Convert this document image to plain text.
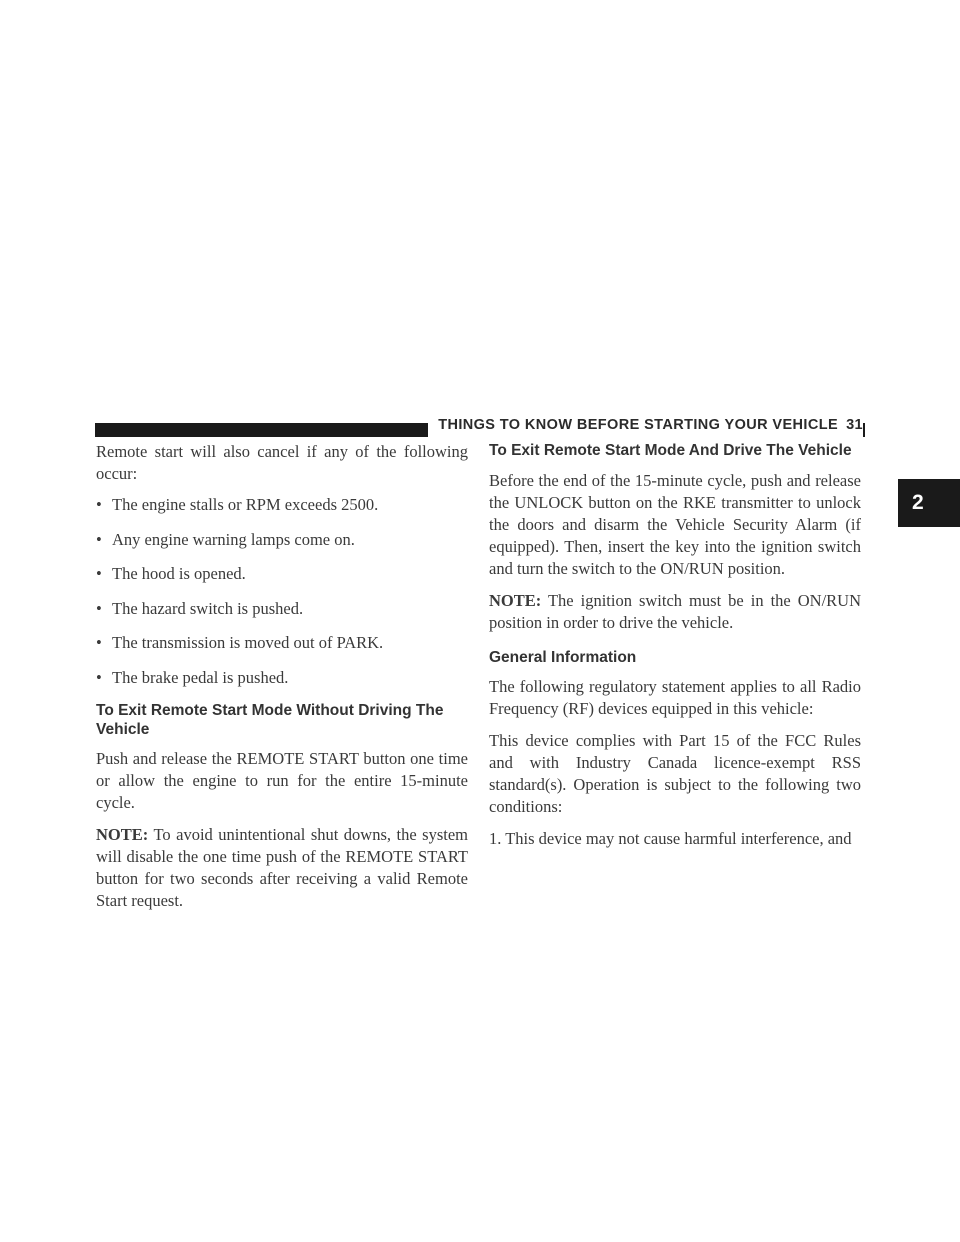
THINGS TO KNOW BEFORE STARTING YOUR VEHICLE 31
2

Remote start will also cancel if any of the following occur:

• The engine stalls or RPM exceeds 2500.
• Any engine warning lamps come on.
• The hood is opened.
• The hazard switch is pushed.
• The transmission is moved out of PARK.
• The brake pedal is pushed.
To Exit Remote Start Mode Without Driving The Vehicle

Push and release the REMOTE START button one time or allow the engine to run for the entire 15-minute cycle.

NOTE: To avoid unintentional shut downs, the system will disable the one time push of the REMOTE START button for two seconds after receiving a valid Remote Start request.

To Exit Remote Start Mode And Drive The Vehicle

Before the end of the 15-minute cycle, push and release the UNLOCK button on the RKE transmitter to unlock the doors and disarm the Vehicle Security Alarm (if equipped). Then, insert the key into the ignition switch and turn the switch to the ON/RUN position.

NOTE: The ignition switch must be in the ON/RUN position in order to drive the vehicle.

General Information

The following regulatory statement applies to all Radio Frequency (RF) devices equipped in this vehicle:

This device complies with Part 15 of the FCC Rules and with Industry Canada licence-exempt RSS standard(s). Operation is subject to the following two conditions:

1. This device may not cause harmful interference, and
